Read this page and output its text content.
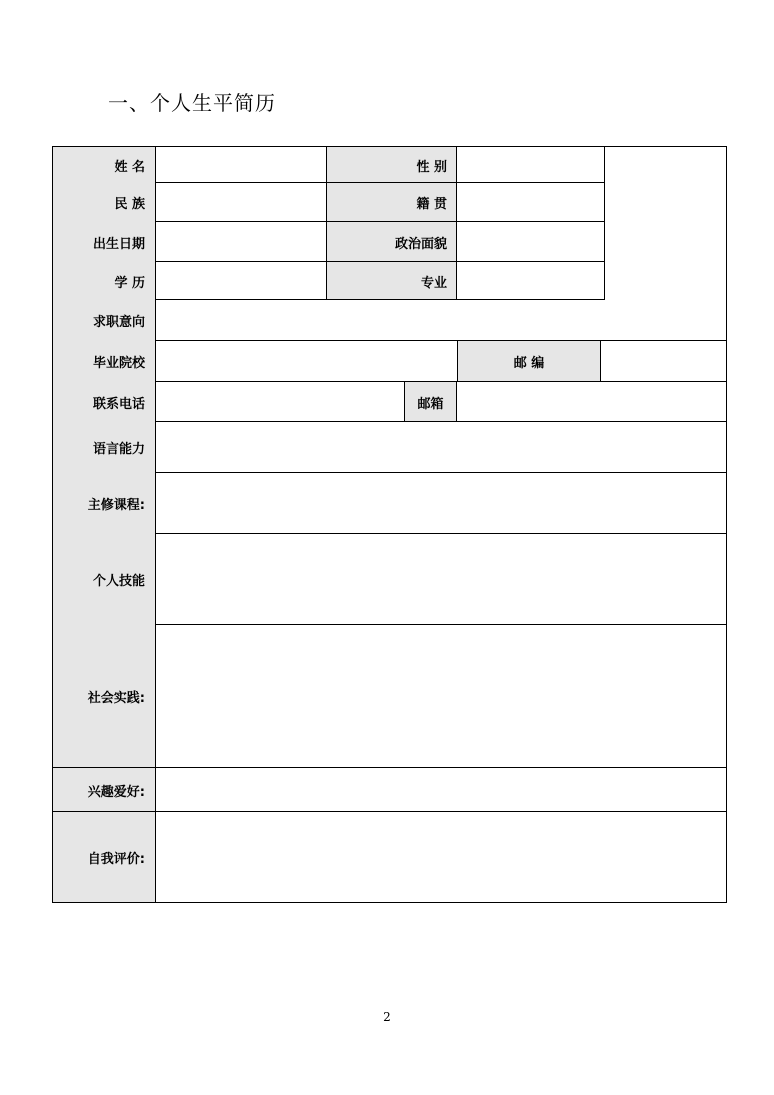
一、个人生平简历
姓 名
民 族
出生日期
学 历
求职意向
毕业院校
联系电话
语言能力
主修课程:
个人技能
社会实践:
兴趣爱好:
自我评价:
性 别
籍 贯
政治面貌
专业
邮 编
邮箱
2
